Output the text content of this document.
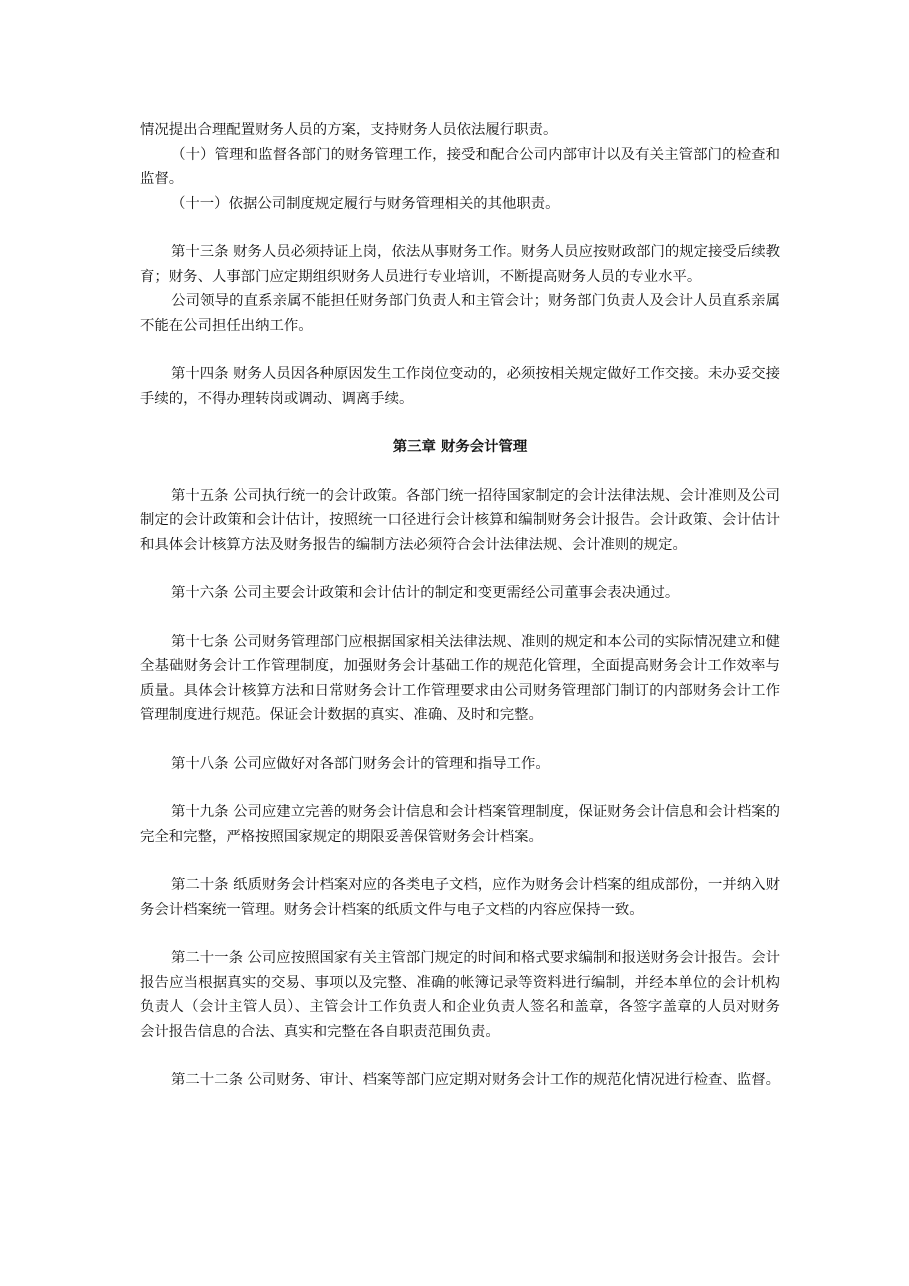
情况提出合理配置财务人员的方案，支持财务人员依法履行职责。

（十）管理和监督各部门的财务管理工作，接受和配合公司内部审计以及有关主管部门的检查和监督。

（十一）依据公司制度规定履行与财务管理相关的其他职责。

第十三条 财务人员必须持证上岗，依法从事财务工作。财务人员应按财政部门的规定接受后续教育；财务、人事部门应定期组织财务人员进行专业培训，不断提高财务人员的专业水平。

公司领导的直系亲属不能担任财务部门负责人和主管会计；财务部门负责人及会计人员直系亲属不能在公司担任出纳工作。

第十四条 财务人员因各种原因发生工作岗位变动的，必须按相关规定做好工作交接。未办妥交接手续的，不得办理转岗或调动、调离手续。

第三章 财务会计管理

第十五条 公司执行统一的会计政策。各部门统一招待国家制定的会计法律法规、会计准则及公司制定的会计政策和会计估计，按照统一口径进行会计核算和编制财务会计报告。会计政策、会计估计和具体会计核算方法及财务报告的编制方法必须符合会计法律法规、会计准则的规定。

第十六条 公司主要会计政策和会计估计的制定和变更需经公司董事会表决通过。

第十七条 公司财务管理部门应根据国家相关法律法规、准则的规定和本公司的实际情况建立和健全基础财务会计工作管理制度，加强财务会计基础工作的规范化管理，全面提高财务会计工作效率与质量。具体会计核算方法和日常财务会计工作管理要求由公司财务管理部门制订的内部财务会计工作管理制度进行规范。保证会计数据的真实、准确、及时和完整。

第十八条 公司应做好对各部门财务会计的管理和指导工作。

第十九条 公司应建立完善的财务会计信息和会计档案管理制度，保证财务会计信息和会计档案的完全和完整，严格按照国家规定的期限妥善保管财务会计档案。

第二十条 纸质财务会计档案对应的各类电子文档，应作为财务会计档案的组成部份，一并纳入财务会计档案统一管理。财务会计档案的纸质文件与电子文档的内容应保持一致。

第二十一条 公司应按照国家有关主管部门规定的时间和格式要求编制和报送财务会计报告。会计报告应当根据真实的交易、事项以及完整、准确的帐簿记录等资料进行编制，并经本单位的会计机构负责人（会计主管人员）、主管会计工作负责人和企业负责人签名和盖章，各签字盖章的人员对财务会计报告信息的合法、真实和完整在各自职责范围负责。

第二十二条 公司财务、审计、档案等部门应定期对财务会计工作的规范化情况进行检查、监督。
